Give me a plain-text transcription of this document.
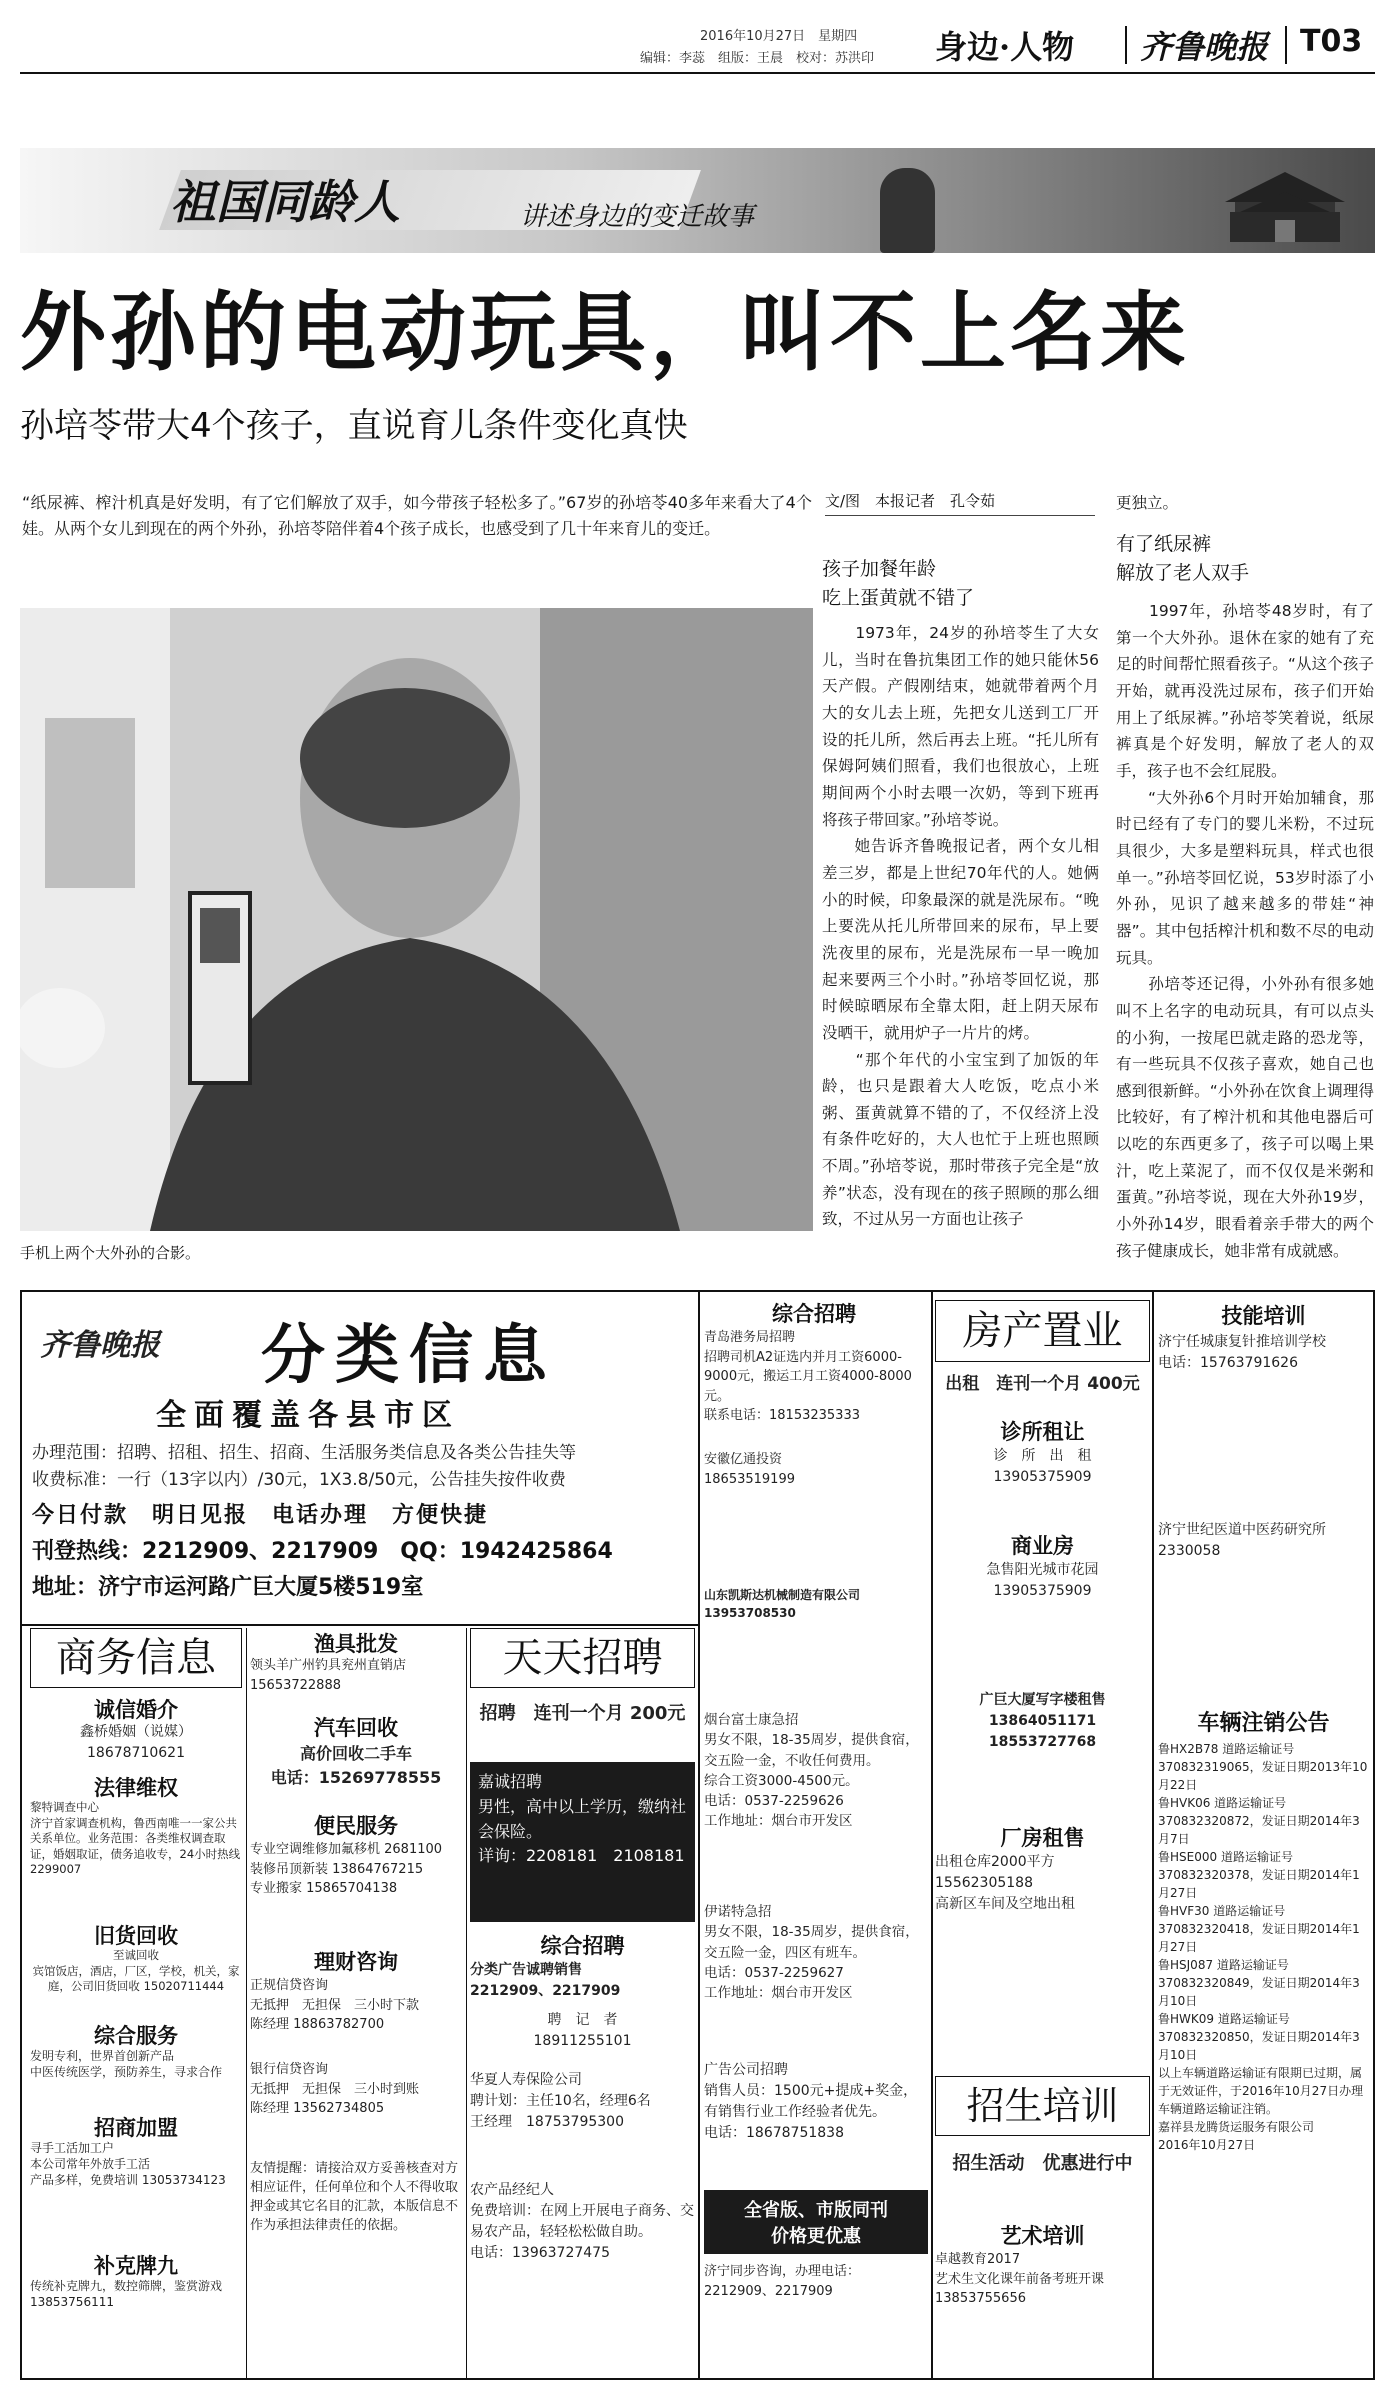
2016年10月27日　星期四
编辑：李蕊　组版：王晨　校对：苏洪印 身边·人物 齐鲁晚报 T03
祖国同龄人	讲述身边的变迁故事
外孙的电动玩具，叫不上名来
孙培苓带大4个孩子，直说育儿条件变化真快
“纸尿裤、榨汁机真是好发明，有了它们解放了双手，如今带孩子轻松多了。”67岁的孙培苓40多年来看大了4个娃。从两个女儿到现在的两个外孙，孙培苓陪伴着4个孩子成长，也感受到了几十年来育儿的变迁。
手机上两个大外孙的合影。
文/图　本报记者　孔令茹
孩子加餐年龄
吃上蛋黄就不错了
　　1973年，24岁的孙培苓生了大女儿，当时在鲁抗集团工作的她只能休56天产假。产假刚结束，她就带着两个月大的女儿去上班，先把女儿送到工厂开设的托儿所，然后再去上班。“托儿所有保姆阿姨们照看，我们也很放心，上班期间两个小时去喂一次奶，等到下班再将孩子带回家。”孙培苓说。
　　她告诉齐鲁晚报记者，两个女儿相差三岁，都是上世纪70年代的人。她俩小的时候，印象最深的就是洗尿布。“晚上要洗从托儿所带回来的尿布，早上要洗夜里的尿布，光是洗尿布一早一晚加起来要两三个小时。”孙培苓回忆说，那时候晾晒尿布全靠太阳，赶上阴天尿布没晒干，就用炉子一片片的烤。
　　“那个年代的小宝宝到了加饭的年龄，也只是跟着大人吃饭，吃点小米粥、蛋黄就算不错的了，不仅经济上没有条件吃好的，大人也忙于上班也照顾不周。”孙培苓说，那时带孩子完全是“放养”状态，没有现在的孩子照顾的那么细致，不过从另一方面也让孩子
更独立。
有了纸尿裤
解放了老人双手
　　1997年，孙培苓48岁时，有了第一个大外孙。退休在家的她有了充足的时间帮忙照看孩子。“从这个孩子开始，就再没洗过尿布，孩子们开始用上了纸尿裤。”孙培苓笑着说，纸尿裤真是个好发明，解放了老人的双手，孩子也不会红屁股。
　　“大外孙6个月时开始加辅食，那时已经有了专门的婴儿米粉，不过玩具很少，大多是塑料玩具，样式也很单一。”孙培苓回忆说，53岁时添了小外孙，见识了越来越多的带娃“神器”。其中包括榨汁机和数不尽的电动玩具。
　　孙培苓还记得，小外孙有很多她叫不上名字的电动玩具，有可以点头的小狗，一按尾巴就走路的恐龙等，有一些玩具不仅孩子喜欢，她自己也感到很新鲜。“小外孙在饮食上调理得比较好，有了榨汁机和其他电器后可以吃的东西更多了，孩子可以喝上果汁，吃上菜泥了，而不仅仅是米粥和蛋黄。”孙培苓说，现在大外孙19岁，小外孙14岁，眼看着亲手带大的两个孩子健康成长，她非常有成就感。
齐鲁晚报 分类信息
全面覆盖各县市区
办理范围：招聘、招租、招生、招商、生活服务类信息及各类公告挂失等
收费标准：一行（13字以内）/30元，1X3.8/50元，公告挂失按件收费
今日付款　明日见报　电话办理　方便快捷
刊登热线：2212909、2217909　QQ：1942425864
地址：济宁市运河路广巨大厦5楼519室
商务信息
诚信婚介
鑫桥婚姻（说媒）
18678710621
法律维权
黎特调查中心
济宁首家调查机构，鲁西南唯一一家公共关系单位。业务范围：各类维权调查取证，婚姻取证，债务追收专，24小时热线2299007
旧货回收
至诚回收
宾馆饭店，酒店，厂区，学校，机关，家庭，公司旧货回收 15020711444
综合服务
发明专利，世界首创新产品
中医传统医学，预防养生，寻求合作
招商加盟
寻手工活加工户
本公司常年外放手工活
产品多样，免费培训 13053734123
补克牌九
传统补克牌九，数控筛牌，鉴赏游戏 13853756111
渔具批发
领头羊广州钓具兖州直销店
15653722888
汽车回收
高价回收二手车
电话：15269778555
便民服务
专业空调维修加氟移机 2681100
装修吊顶新装 13864767215
专业搬家 15865704138
理财咨询
正规信贷咨询
无抵押　无担保　三小时下款
陈经理 18863782700
银行信贷咨询
无抵押　无担保　三小时到账
陈经理 13562734805
友情提醒：请接洽双方妥善核查对方相应证件，任何单位和个人不得收取押金或其它名目的汇款，本版信息不作为承担法律责任的依据。
天天招聘
招聘　连刊一个月 200元
嘉诚招聘
男性，高中以上学历，缴纳社会保险。
详询：2208181　2108181
综合招聘
分类广告诚聘销售
2212909、2217909
聘　记　者
18911255101
华夏人寿保险公司
聘计划：主任10名，经理6名
王经理　18753795300
农产品经纪人
免费培训：在网上开展电子商务、交易农产品，轻轻松松做自助。
电话：13963727475
综合招聘
青岛港务局招聘
招聘司机A2证选内并月工资6000-9000元，搬运工月工资4000-8000元。
联系电话：18153235333
安徽亿通投资
18653519199
山东凯斯达机械制造有限公司
13953708530
烟台富士康急招
男女不限，18-35周岁，提供食宿，交五险一金，不收任何费用。
综合工资3000-4500元。
电话：0537-2259626
工作地址：烟台市开发区
伊诺特急招
男女不限，18-35周岁，提供食宿，交五险一金，四区有班车。
电话：0537-2259627
工作地址：烟台市开发区
广告公司招聘
销售人员：1500元+提成+奖金，有销售行业工作经验者优先。
电话：18678751838
全省版、市版同刊
价格更优惠
济宁同步咨询，办理电话：2212909、2217909
房产置业
出租　连刊一个月 400元
诊所租让
诊　所　出　租
13905375909
商业房
急售阳光城市花园
13905375909
广巨大厦写字楼租售
13864051171　18553727768
厂房租售
出租仓库2000平方
15562305188
高新区车间及空地出租
招生培训
招生活动　优惠进行中
艺术培训
卓越教育2017
艺术生文化课年前备考班开课
13853755656
技能培训
济宁任城康复针推培训学校
电话：15763791626
济宁世纪医道中医药研究所
2330058
车辆注销公告
鲁HX2B78 道路运输证号370832319065，发证日期2013年10月22日
鲁HVK06 道路运输证号370832320872，发证日期2014年3月7日
鲁HSE000 道路运输证号370832320378，发证日期2014年1月27日
鲁HVF30 道路运输证号370832320418，发证日期2014年1月27日
鲁HSJ087 道路运输证号370832320849，发证日期2014年3月10日
鲁HWK09 道路运输证号370832320850，发证日期2014年3月10日
以上车辆道路运输证有限期已过期，属于无效证件，于2016年10月27日办理车辆道路运输证注销。
嘉祥县龙腾货运服务有限公司
2016年10月27日
